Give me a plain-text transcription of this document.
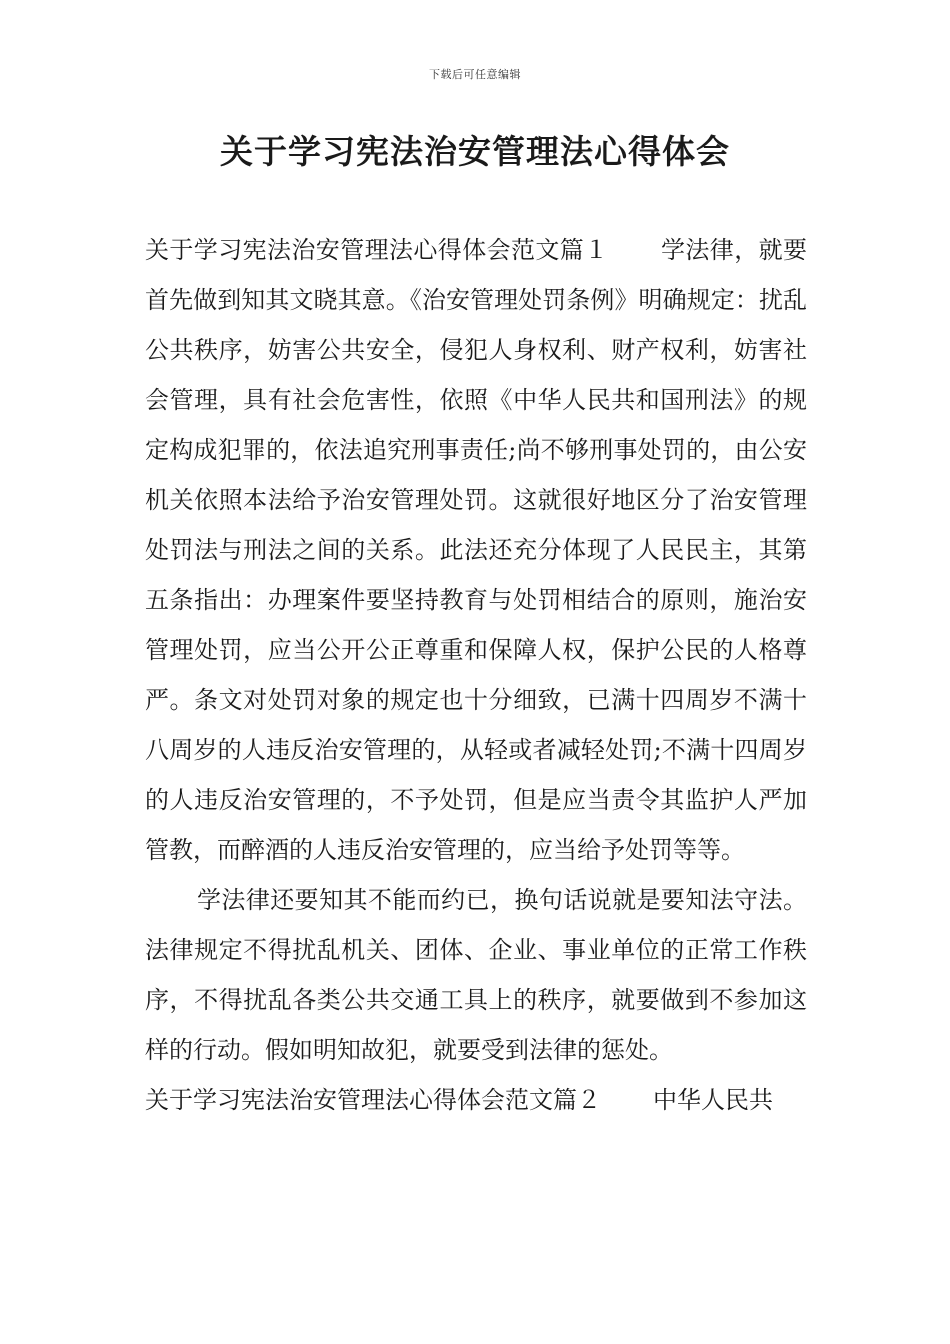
下载后可任意编辑
关于学习宪法治安管理法心得体会

关于学习宪法治安管理法心得体会范文篇１ 学法律，就要首先做到知其文晓其意。《治安管理处罚条例》明确规定：扰乱公共秩序，妨害公共安全，侵犯人身权利、财产权利，妨害社会管理，具有社会危害性，依照《中华人民共和国刑法》的规定构成犯罪的，依法追究刑事责任;尚不够刑事处罚的，由公安机关依照本法给予治安管理处罚。这就很好地区分了治安管理处罚法与刑法之间的关系。此法还充分体现了人民民主，其第五条指出：办理案件要坚持教育与处罚相结合的原则，施治安管理处罚，应当公开公正尊重和保障人权，保护公民的人格尊严。条文对处罚对象的规定也十分细致，已满十四周岁不满十八周岁的人违反治安管理的，从轻或者减轻处罚;不满十四周岁的人违反治安管理的，不予处罚，但是应当责令其监护人严加管教，而醉酒的人违反治安管理的，应当给予处罚等等。

学法律还要知其不能而约已，换句话说就是要知法守法。法律规定不得扰乱机关、团体、企业、事业单位的正常工作秩序，不得扰乱各类公共交通工具上的秩序，就要做到不参加这样的行动。假如明知故犯，就要受到法律的惩处。

关于学习宪法治安管理法心得体会范文篇２ 中华人民共
